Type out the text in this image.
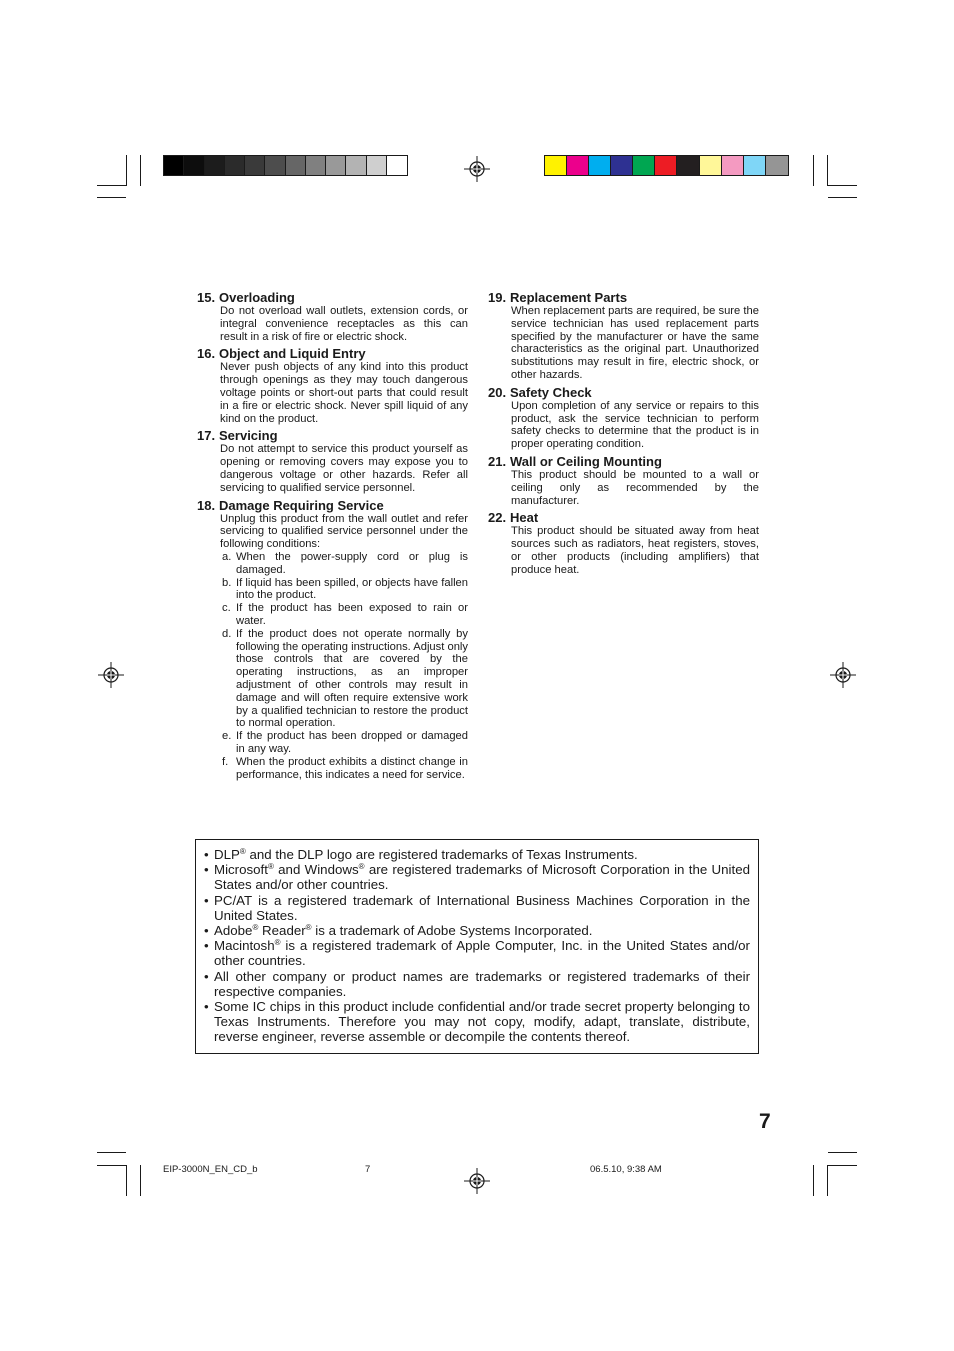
15. Overloading
Do not overload wall outlets, extension cords, or integral convenience receptacles as this can result in a risk of fire or electric shock.
16. Object and Liquid Entry
Never push objects of any kind into this product through openings as they may touch dangerous voltage points or short-out parts that could result in a fire or electric shock. Never spill liquid of any kind on the product.
17. Servicing
Do not attempt to service this product yourself as opening or removing covers may expose you to dangerous voltage or other hazards. Refer all servicing to qualified service personnel.
18. Damage Requiring Service
Unplug this product from the wall outlet and refer servicing to qualified service personnel under the following conditions:
a. When the power-supply cord or plug is damaged.
b. If liquid has been spilled, or objects have fallen into the product.
c. If the product has been exposed to rain or water.
d. If the product does not operate normally by following the operating instructions. Adjust only those controls that are covered by the operating instructions, as an improper adjustment of other controls may result in damage and will often require extensive work by a qualified technician to restore the product to normal operation.
e. If the product has been dropped or damaged in any way.
f. When the product exhibits a distinct change in performance, this indicates a need for service.
19. Replacement Parts
When replacement parts are required, be sure the service technician has used replacement parts specified by the manufacturer or have the same characteristics as the original part. Unauthorized substitutions may result in fire, electric shock, or other hazards.
20. Safety Check
Upon completion of any service or repairs to this product, ask the service technician to perform safety checks to determine that the product is in proper operating condition.
21. Wall or Ceiling Mounting
This product should be mounted to a wall or ceiling only as recommended by the manufacturer.
22. Heat
This product should be situated away from heat sources such as radiators, heat registers, stoves, or other products (including amplifiers) that produce heat.
• DLP® and the DLP logo are registered trademarks of Texas Instruments.
• Microsoft® and Windows® are registered trademarks of Microsoft Corporation in the United States and/or other countries.
• PC/AT is a registered trademark of International Business Machines Corporation in the United States.
• Adobe® Reader® is a trademark of Adobe Systems Incorporated.
• Macintosh® is a registered trademark of Apple Computer, Inc. in the United States and/or other countries.
• All other company or product names are trademarks or registered trademarks of their respective companies.
• Some IC chips in this product include confidential and/or trade secret property belonging to Texas Instruments. Therefore you may not copy, modify, adapt, translate, distribute, reverse engineer, reverse assemble or decompile the contents thereof.
7
EIP-3000N_EN_CD_b	7	06.5.10, 9:38 AM
